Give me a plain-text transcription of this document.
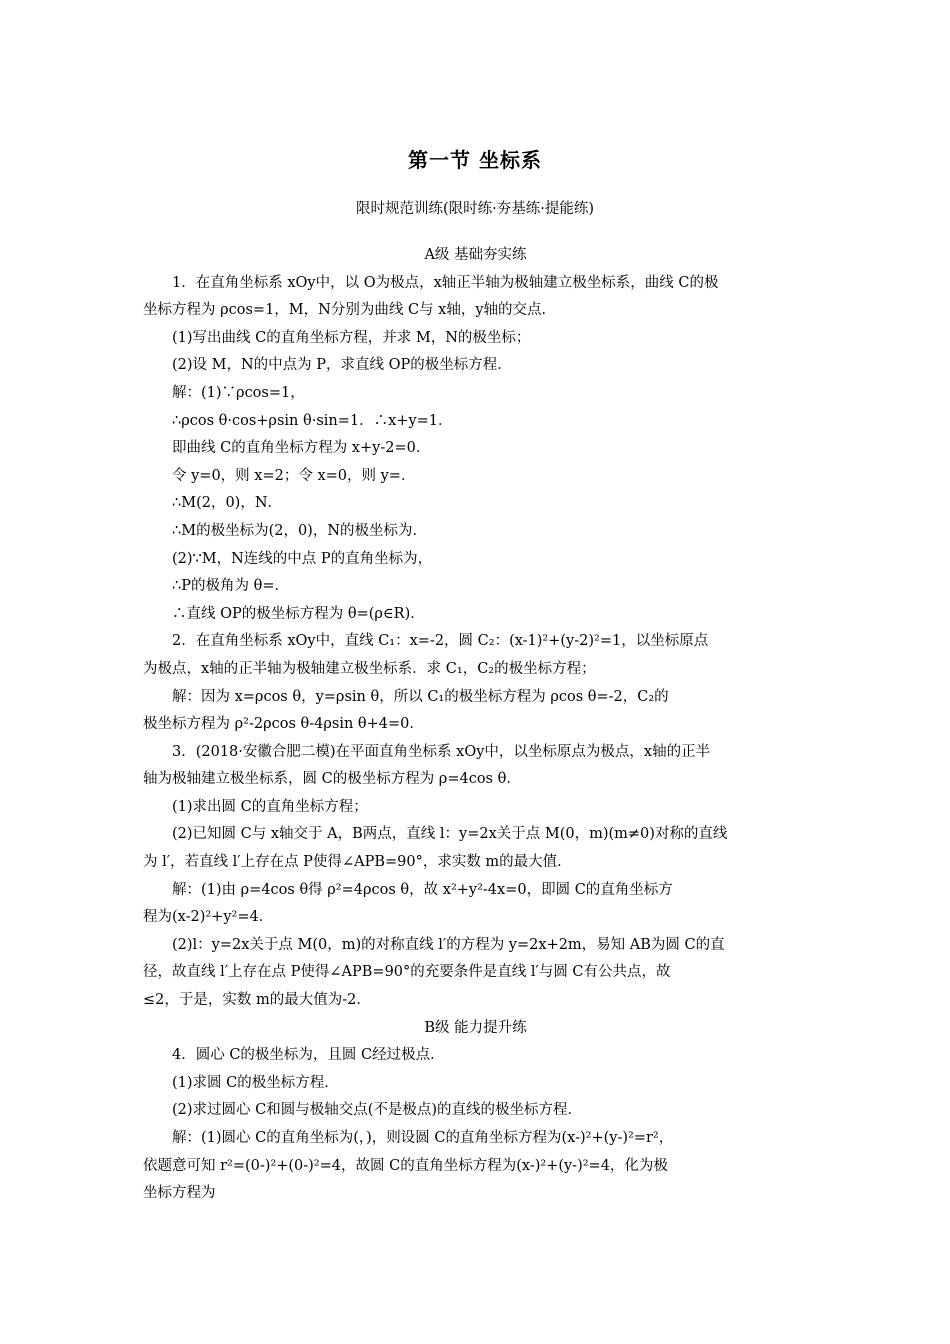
第一节 坐标系
限时规范训练(限时练·夯基练·提能练)
A级 基础夯实练
1．在直角坐标系 xOy中，以 O为极点，x轴正半轴为极轴建立极坐标系，曲线 C的极
坐标方程为 ρcos=1，M，N分别为曲线 C与 x轴，y轴的交点．
(1)写出曲线 C的直角坐标方程，并求 M，N的极坐标；
(2)设 M，N的中点为 P，求直线 OP的极坐标方程．
解：(1)∵ρcos=1，
∴ρcos θ·cos+ρsin θ·sin=1．∴x+y=1．
即曲线 C的直角坐标方程为 x+y-2=0．
令 y=0，则 x=2；令 x=0，则 y=．
∴M(2，0)，N．
∴M的极坐标为(2，0)，N的极坐标为．
(2)∵M，N连线的中点 P的直角坐标为，
∴P的极角为 θ=．
∴直线 OP的极坐标方程为 θ=(ρ∈R)．
2．在直角坐标系 xOy中，直线 C₁：x=-2，圆 C₂：(x-1)²+(y-2)²=1，以坐标原点
为极点，x轴的正半轴为极轴建立极坐标系．求 C₁，C₂的极坐标方程；
解：因为 x=ρcos θ，y=ρsin θ，所以 C₁的极坐标方程为 ρcos θ=-2，C₂的
极坐标方程为 ρ²-2ρcos θ-4ρsin θ+4=0．
3．(2018·安徽合肥二模)在平面直角坐标系 xOy中，以坐标原点为极点，x轴的正半
轴为极轴建立极坐标系，圆 C的极坐标方程为 ρ=4cos θ．
(1)求出圆 C的直角坐标方程；
(2)已知圆 C与 x轴交于 A，B两点，直线 l：y=2x关于点 M(0，m)(m≠0)对称的直线
为 l′，若直线 l′上存在点 P使得∠APB=90°，求实数 m的最大值．
解：(1)由 ρ=4cos θ得 ρ²=4ρcos θ，故 x²+y²-4x=0，即圆 C的直角坐标方
程为(x-2)²+y²=4．
(2)l：y=2x关于点 M(0，m)的对称直线 l′的方程为 y=2x+2m，易知 AB为圆 C的直
径，故直线 l′上存在点 P使得∠APB=90°的充要条件是直线 l′与圆 C有公共点，故
≤2，于是，实数 m的最大值为-2．
B级 能力提升练
4．圆心 C的极坐标为，且圆 C经过极点．
(1)求圆 C的极坐标方程．
(2)求过圆心 C和圆与极轴交点(不是极点)的直线的极坐标方程．
解：(1)圆心 C的直角坐标为(，)，则设圆 C的直角坐标方程为(x-)²+(y-)²=r²，
依题意可知 r²=(0-)²+(0-)²=4，故圆 C的直角坐标方程为(x-)²+(y-)²=4，化为极
坐标方程为
